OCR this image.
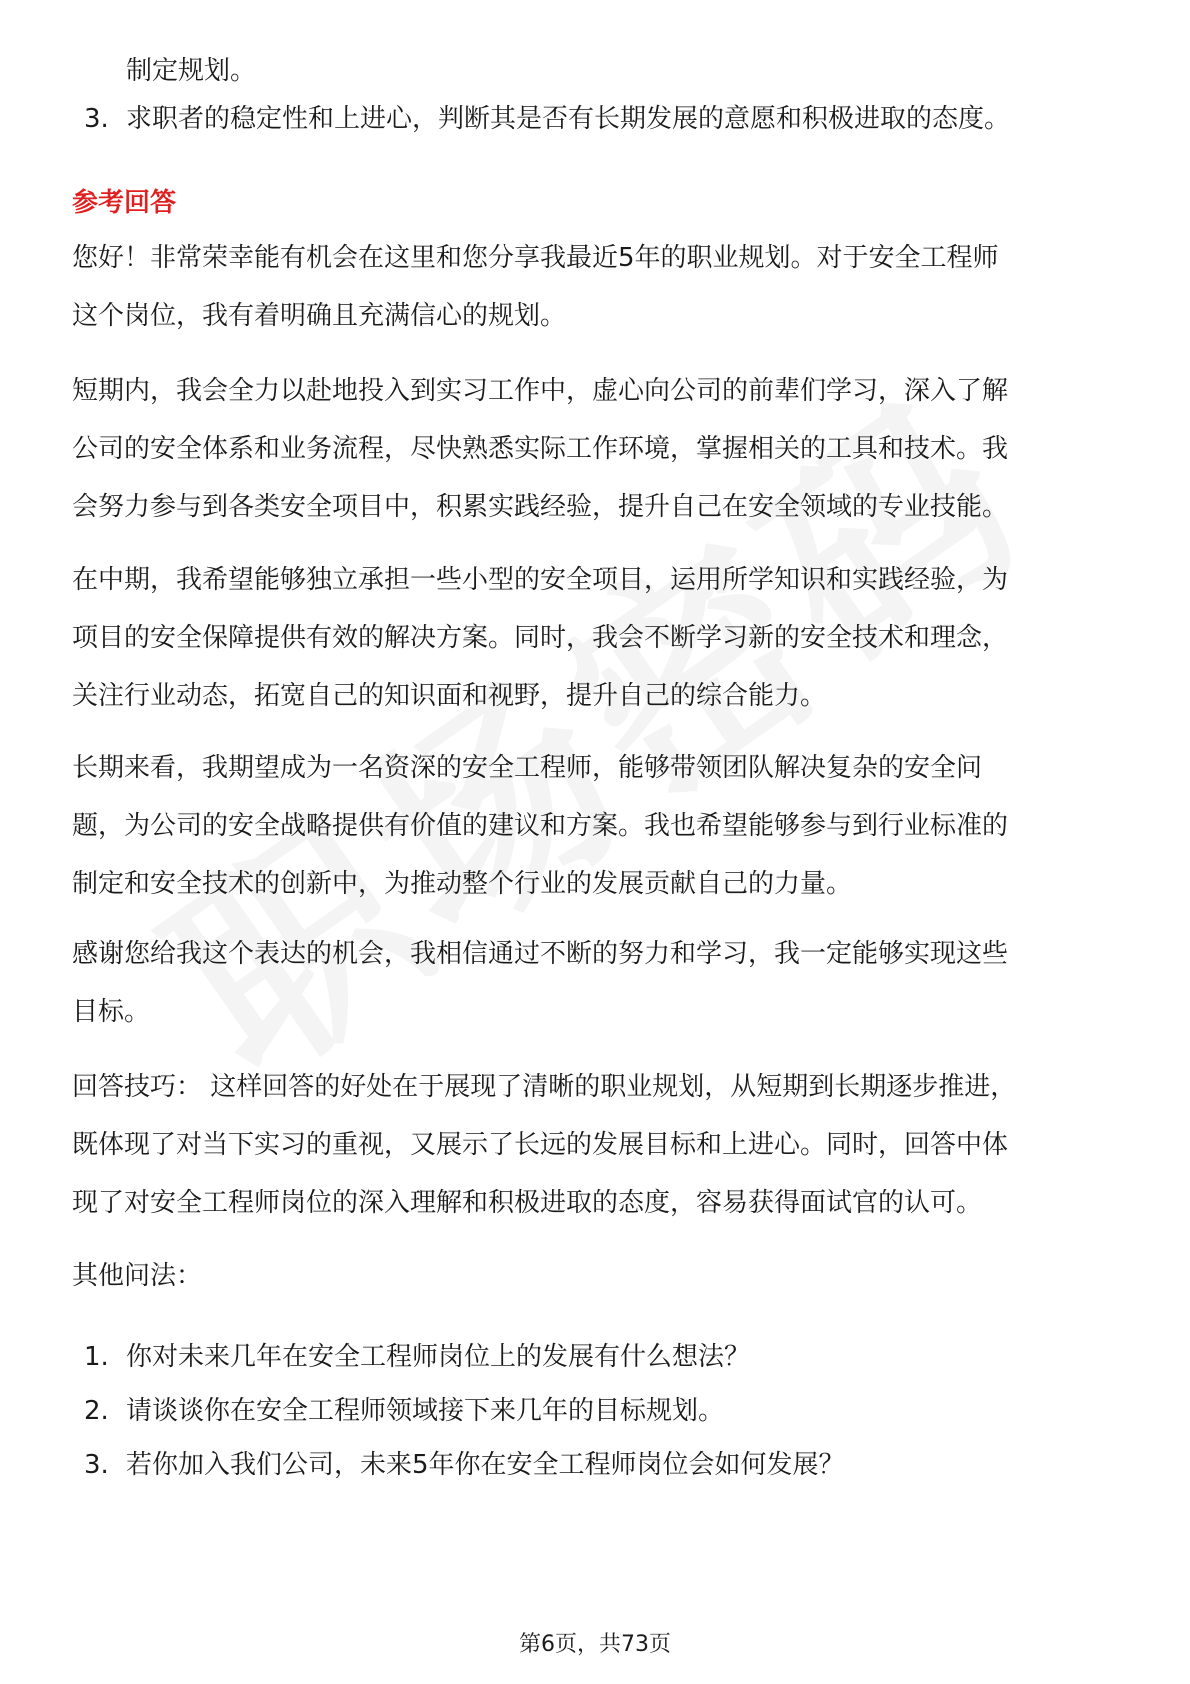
制定规划。
3. 求职者的稳定性和上进心，判断其是否有长期发展的意愿和积极进取的态度。
参考回答

您好！非常荣幸能有机会在这里和您分享我最近5年的职业规划。对于安全工程师

这个岗位，我有着明确且充满信心的规划。

短期内，我会全力以赴地投入到实习工作中，虚心向公司的前辈们学习，深入了解

公司的安全体系和业务流程，尽快熟悉实际工作环境，掌握相关的工具和技术。我

会努力参与到各类安全项目中，积累实践经验，提升自己在安全领域的专业技能。

在中期，我希望能够独立承担一些小型的安全项目，运用所学知识和实践经验，为

项目的安全保障提供有效的解决方案。同时，我会不断学习新的安全技术和理念，

关注行业动态，拓宽自己的知识面和视野，提升自己的综合能力。

长期来看，我期望成为一名资深的安全工程师，能够带领团队解决复杂的安全问

题，为公司的安全战略提供有价值的建议和方案。我也希望能够参与到行业标准的

制定和安全技术的创新中，为推动整个行业的发展贡献自己的力量。

感谢您给我这个表达的机会，我相信通过不断的努力和学习，我一定能够实现这些

目标。

回答技巧： 这样回答的好处在于展现了清晰的职业规划，从短期到长期逐步推进，

既体现了对当下实习的重视，又展示了长远的发展目标和上进心。同时，回答中体

现了对安全工程师岗位的深入理解和积极进取的态度，容易获得面试官的认可。

其他问法：

1. 你对未来几年在安全工程师岗位上的发展有什么想法？
2. 请谈谈你在安全工程师领域接下来几年的目标规划。
3. 若你加入我们公司，未来5年你在安全工程师岗位会如何发展？
第6页，共73页
